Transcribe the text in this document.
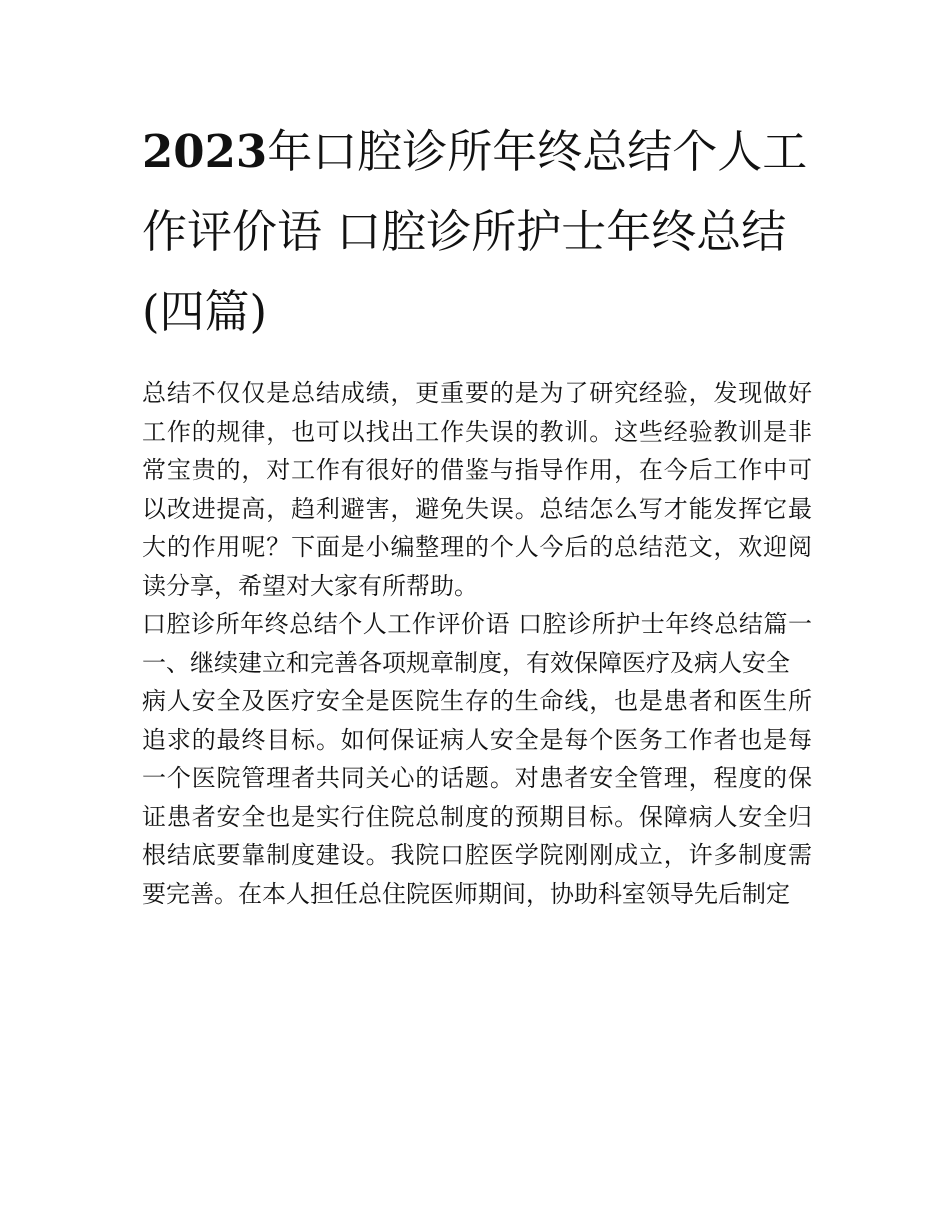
2023年口腔诊所年终总结个人工作评价语 口腔诊所护士年终总结(四篇)

总结不仅仅是总结成绩，更重要的是为了研究经验，发现做好工作的规律，也可以找出工作失误的教训。这些经验教训是非常宝贵的，对工作有很好的借鉴与指导作用，在今后工作中可以改进提高，趋利避害，避免失误。总结怎么写才能发挥它最大的作用呢？下面是小编整理的个人今后的总结范文，欢迎阅读分享，希望对大家有所帮助。

口腔诊所年终总结个人工作评价语 口腔诊所护士年终总结篇一一、继续建立和完善各项规章制度，有效保障医疗及病人安全

病人安全及医疗安全是医院生存的生命线，也是患者和医生所追求的最终目标。如何保证病人安全是每个医务工作者也是每一个医院管理者共同关心的话题。对患者安全管理，程度的保证患者安全也是实行住院总制度的预期目标。保障病人安全归根结底要靠制度建设。我院口腔医学院刚刚成立，许多制度需要完善。在本人担任总住院医师期间，协助科室领导先后制定
